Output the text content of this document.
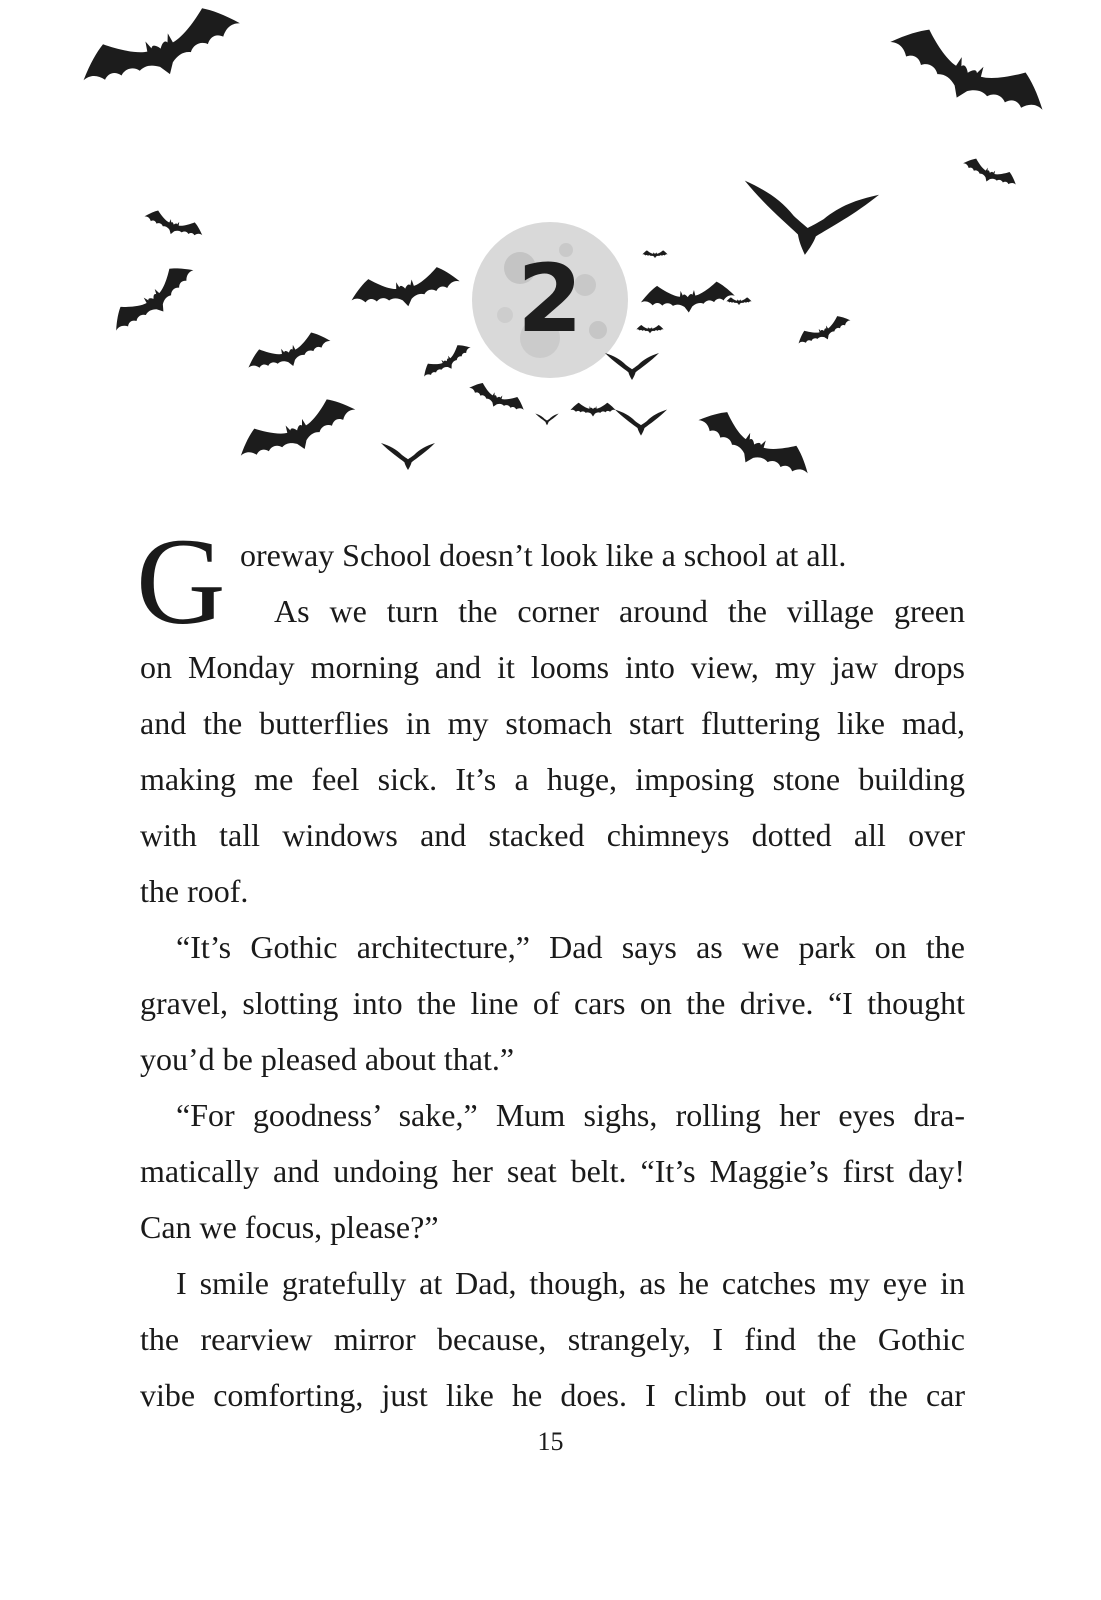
2
G oreway School doesn’t look like a school at all.
As we turn the corner around the village green
on Monday morning and it looms into view, my jaw drops
and the butterflies in my stomach start fluttering like mad,
making me feel sick. It’s a huge, imposing stone building
with tall windows and stacked chimneys dotted all over
the roof.
“It’s Gothic architecture,” Dad says as we park on the
gravel, slotting into the line of cars on the drive. “I thought
you’d be pleased about that.”
“For goodness’ sake,” Mum sighs, rolling her eyes dra-
matically and undoing her seat belt. “It’s Maggie’s first day!
Can we focus, please?”
I smile gratefully at Dad, though, as he catches my eye in
the rearview mirror because, strangely, I find the Gothic
vibe comforting, just like he does. I climb out of the car
15
